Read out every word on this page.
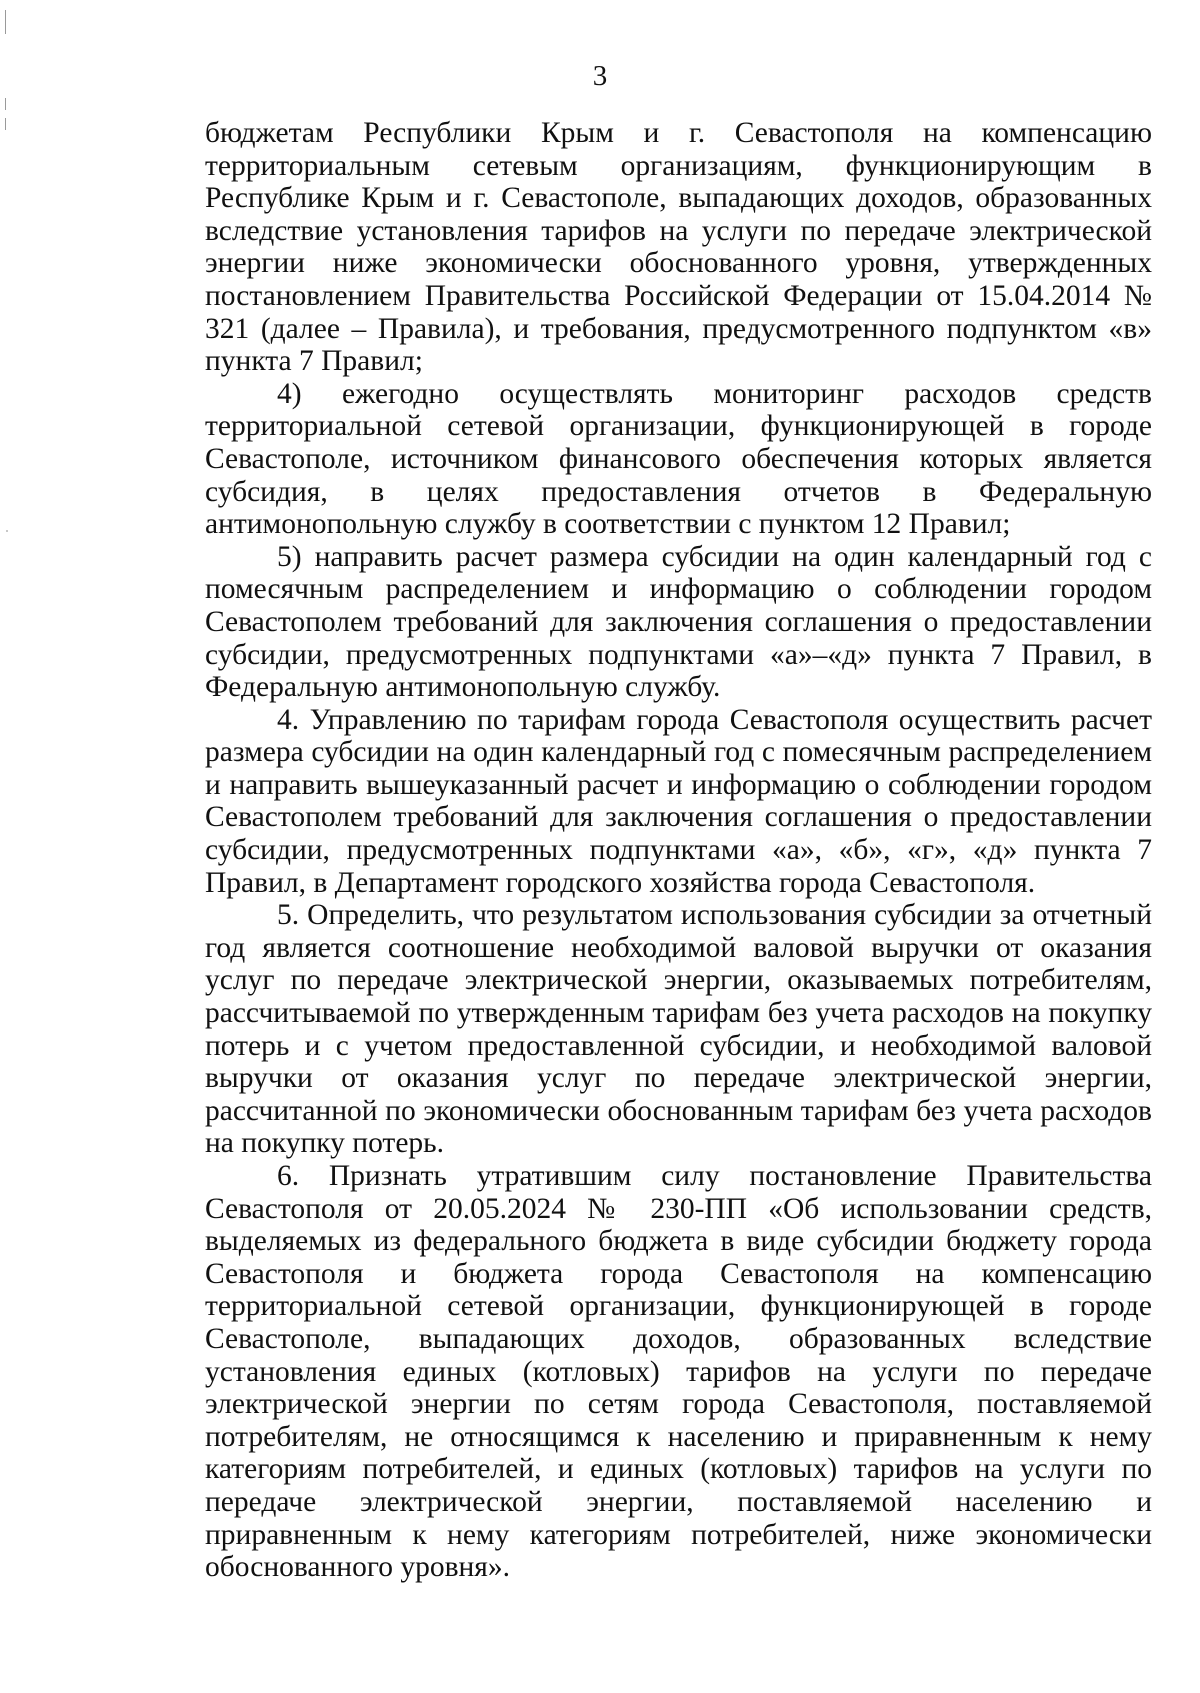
3

бюджетам Республики Крым и г. Севастополя на компенсацию территориальным сетевым организациям, функционирующим в Республике Крым и г. Севастополе, выпадающих доходов, образованных вследствие установления тарифов на услуги по передаче электрической энергии ниже экономически обоснованного уровня, утвержденных постановлением Правительства Российской Федерации от 15.04.2014 № 321 (далее – Правила), и требования, предусмотренного подпунктом «в» пункта 7 Правил;

4) ежегодно осуществлять мониторинг расходов средств территориальной сетевой организации, функционирующей в городе Севастополе, источником финансового обеспечения которых является субсидия, в целях предоставления отчетов в Федеральную антимонопольную службу в соответствии с пунктом 12 Правил;

5) направить расчет размера субсидии на один календарный год с помесячным распределением и информацию о соблюдении городом Севастополем требований для заключения соглашения о предоставлении субсидии, предусмотренных подпунктами «а»–«д» пункта 7 Правил, в Федеральную антимонопольную службу.

4. Управлению по тарифам города Севастополя осуществить расчет размера субсидии на один календарный год с помесячным распределением и направить вышеуказанный расчет и информацию о соблюдении городом Севастополем требований для заключения соглашения о предоставлении субсидии, предусмотренных подпунктами «а», «б», «г», «д» пункта 7 Правил, в Департамент городского хозяйства города Севастополя.

5. Определить, что результатом использования субсидии за отчетный год является соотношение необходимой валовой выручки от оказания услуг по передаче электрической энергии, оказываемых потребителям, рассчитываемой по утвержденным тарифам без учета расходов на покупку потерь и с учетом предоставленной субсидии, и необходимой валовой выручки от оказания услуг по передаче электрической энергии, рассчитанной по экономически обоснованным тарифам без учета расходов на покупку потерь.

6. Признать утратившим силу постановление Правительства Севастополя от 20.05.2024 № 230-ПП «Об использовании средств, выделяемых из федерального бюджета в виде субсидии бюджету города Севастополя и бюджета города Севастополя на компенсацию территориальной сетевой организации, функционирующей в городе Севастополе, выпадающих доходов, образованных вследствие установления единых (котловых) тарифов на услуги по передаче электрической энергии по сетям города Севастополя, поставляемой потребителям, не относящимся к населению и приравненным к нему категориям потребителей, и единых (котловых) тарифов на услуги по передаче электрической энергии, поставляемой населению и приравненным к нему категориям потребителей, ниже экономически обоснованного уровня».
